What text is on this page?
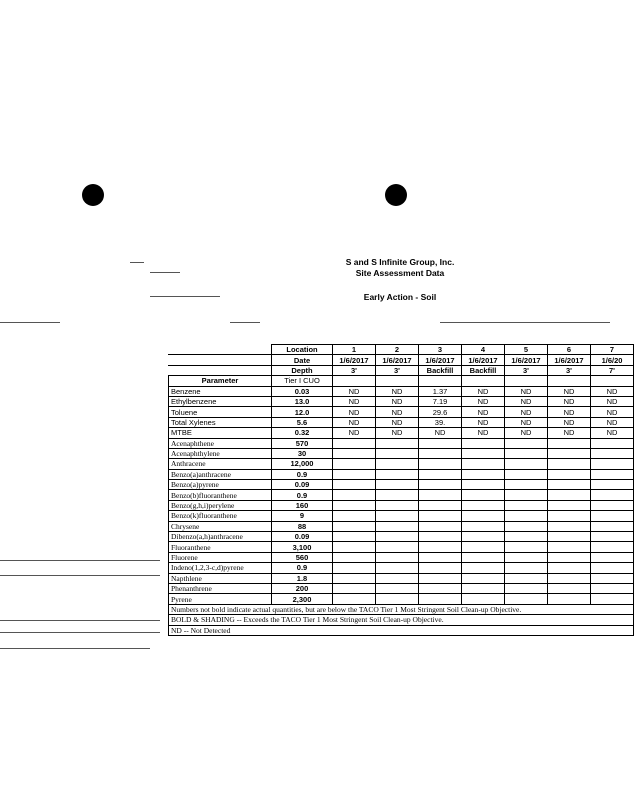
S and S Infinite Group, Inc.
Site Assessment Data
Early Action - Soil
	Location	1	2	3	4	5	6	7
	Date	1/6/2017	1/6/2017	1/6/2017	1/6/2017	1/6/2017	1/6/2017	1/6/20
	Depth	3'	3'	Backfill	Backfill	3'	3'	7'
Parameter	Tier I CUO							
Benzene	0.03	ND	ND	1.37	ND	ND	ND	ND
Ethylbenzene	13.0	ND	ND	7.19	ND	ND	ND	ND
Toluene	12.0	ND	ND	29.6	ND	ND	ND	ND
Total Xylenes	5.6	ND	ND	39.	ND	ND	ND	ND
MTBE	0.32	ND	ND	ND	ND	ND	ND	ND
Acenaphthene	570							
Acenaphthylene	30							
Anthracene	12,000							
Benzo(a)anthracene	0.9							
Benzo(a)pyrene	0.09							
Benzo(b)fluoranthene	0.9							
Benzo(g,h,i)perylene	160							
Benzo(k)fluoranthene	9							
Chrysene	88							
Dibenzo(a,h)anthracene	0.09							
Fluoranthene	3,100							
Fluorene	560							
Indeno(1,2,3-c,d)pyrene	0.9							
Napthlene	1.8							
Phenanthrene	200							
Pyrene	2,300							
Numbers not bold indicate actual quantities, but are below the TACO Tier 1 Most Stringent Soil Clean-up Objective.								
BOLD & SHADING -- Exceeds the TACO Tier 1 Most Stringent Soil Clean-up Objective.								
ND -- Not Detected								
